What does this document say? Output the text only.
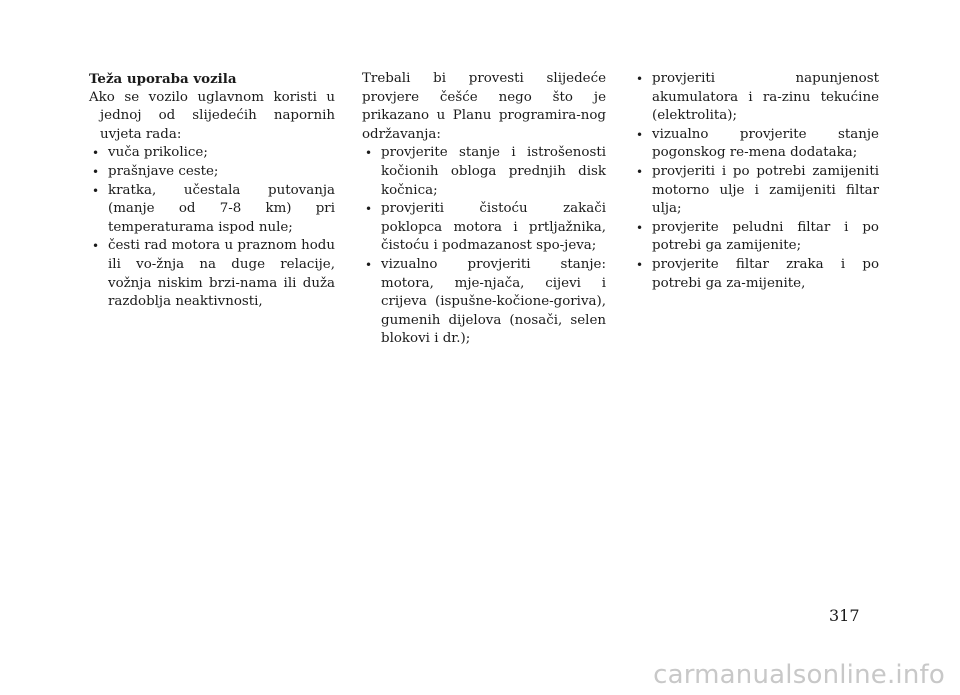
Teža uporaba vozila

Ako se vozilo uglavnom koristi u jednoj od slijedećih napornih uvjeta rada:

• vuča prikolice;
• prašnjave ceste;
• kratka, učestala putovanja (manje od 7-8 km) pri temperaturama ispod nule;
• česti rad motora u praznom hodu ili vo-žnja na duge relacije, vožnja niskim brzi-nama ili duža razdoblja neaktivnosti,

Trebali bi provesti slijedeće provjere češće nego što je prikazano u Planu programira-nog održavanja:

• provjerite stanje i istrošenosti kočionih obloga prednjih disk kočnica;
• provjeriti čistoću zakači poklopca motora i prtljažnika, čistoću i podmazanost spo-jeva;
• vizualno provjeriti stanje: motora, mje-njača, cijevi i crijeva (ispušne-kočione-goriva), gumenih dijelova (nosači, selen blokovi i dr.);
• provjeriti napunjenost akumulatora i ra-zinu tekućine (elektrolita);
• vizualno provjerite stanje pogonskog re-mena dodataka;
• provjeriti i po potrebi zamijeniti motorno ulje i zamijeniti filtar ulja;
• provjerite peludni filtar i po potrebi ga zamijenite;
• provjerite filtar zraka i po potrebi ga za-mijenite,
317
carmanualsonline.info
